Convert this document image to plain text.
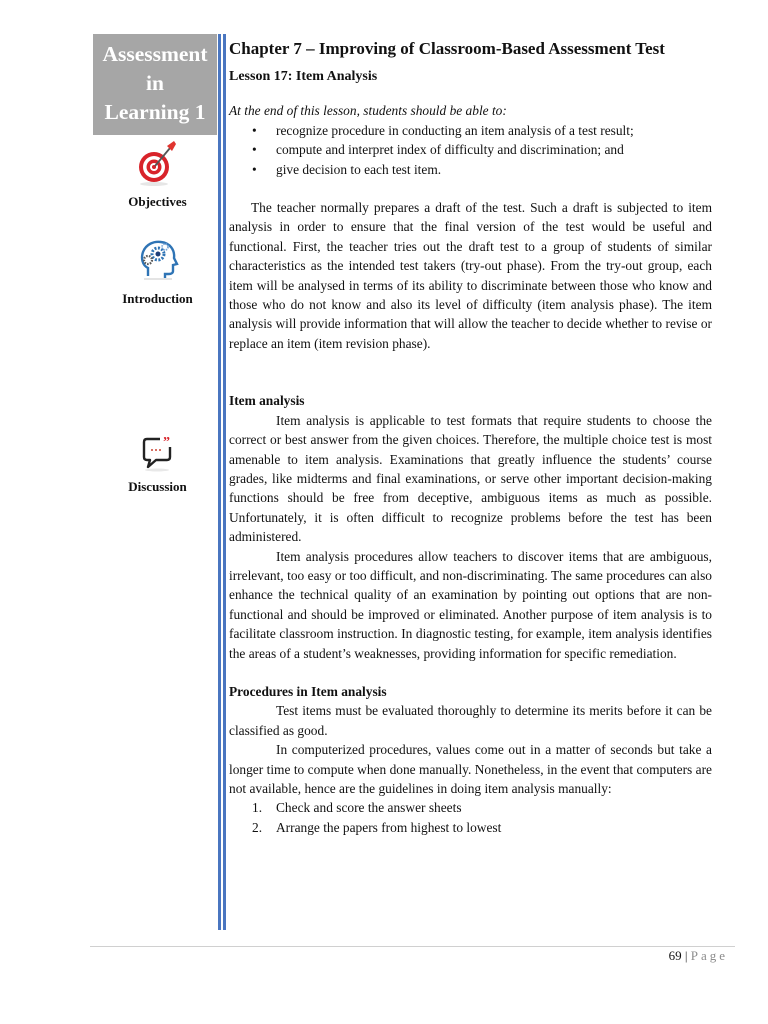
Assessment
in
Learning 1
Objectives
Introduction
”
Discussion
Chapter 7 – Improving of Classroom-Based Assessment Test
Lesson 17: Item Analysis

At the end of this lesson, students should be able to:

• recognize procedure in conducting an item analysis of a test result;
• compute and interpret index of difficulty and discrimination; and
• give decision to each test item.

The teacher normally prepares a draft of the test. Such a draft is subjected to item analysis in order to ensure that the final version of the test would be useful and functional. First, the teacher tries out the draft test to a group of students of similar characteristics as the intended test takers (try-out phase). From the try-out group, each item will be analysed in terms of its ability to discriminate between those who know and those who do not know and also its level of difficulty (item analysis phase). The item analysis will provide information that will allow the teacher to decide whether to revise or replace an item (item revision phase).

Item analysis

Item analysis is applicable to test formats that require students to choose the correct or best answer from the given choices. Therefore, the multiple choice test is most amenable to item analysis. Examinations that greatly influence the students’ course grades, like midterms and final examinations, or serve other important decision-making functions should be free from deceptive, ambiguous items as much as possible. Unfortunately, it is often difficult to recognize problems before the test has been administered.

Item analysis procedures allow teachers to discover items that are ambiguous, irrelevant, too easy or too difficult, and non-discriminating. The same procedures can also enhance the technical quality of an examination by pointing out options that are non-functional and should be improved or eliminated. Another purpose of item analysis is to facilitate classroom instruction. In diagnostic testing, for example, item analysis identifies the areas of a student’s weaknesses, providing information for specific remediation.

Procedures in Item analysis

Test items must be evaluated thoroughly to determine its merits before it can be classified as good.

In computerized procedures, values come out in a matter of seconds but take a longer time to compute when done manually. Nonetheless, in the event that computers are not available, hence are the guidelines in doing item analysis manually:

1. Check and score the answer sheets
2. Arrange the papers from highest to lowest
69 | Page
